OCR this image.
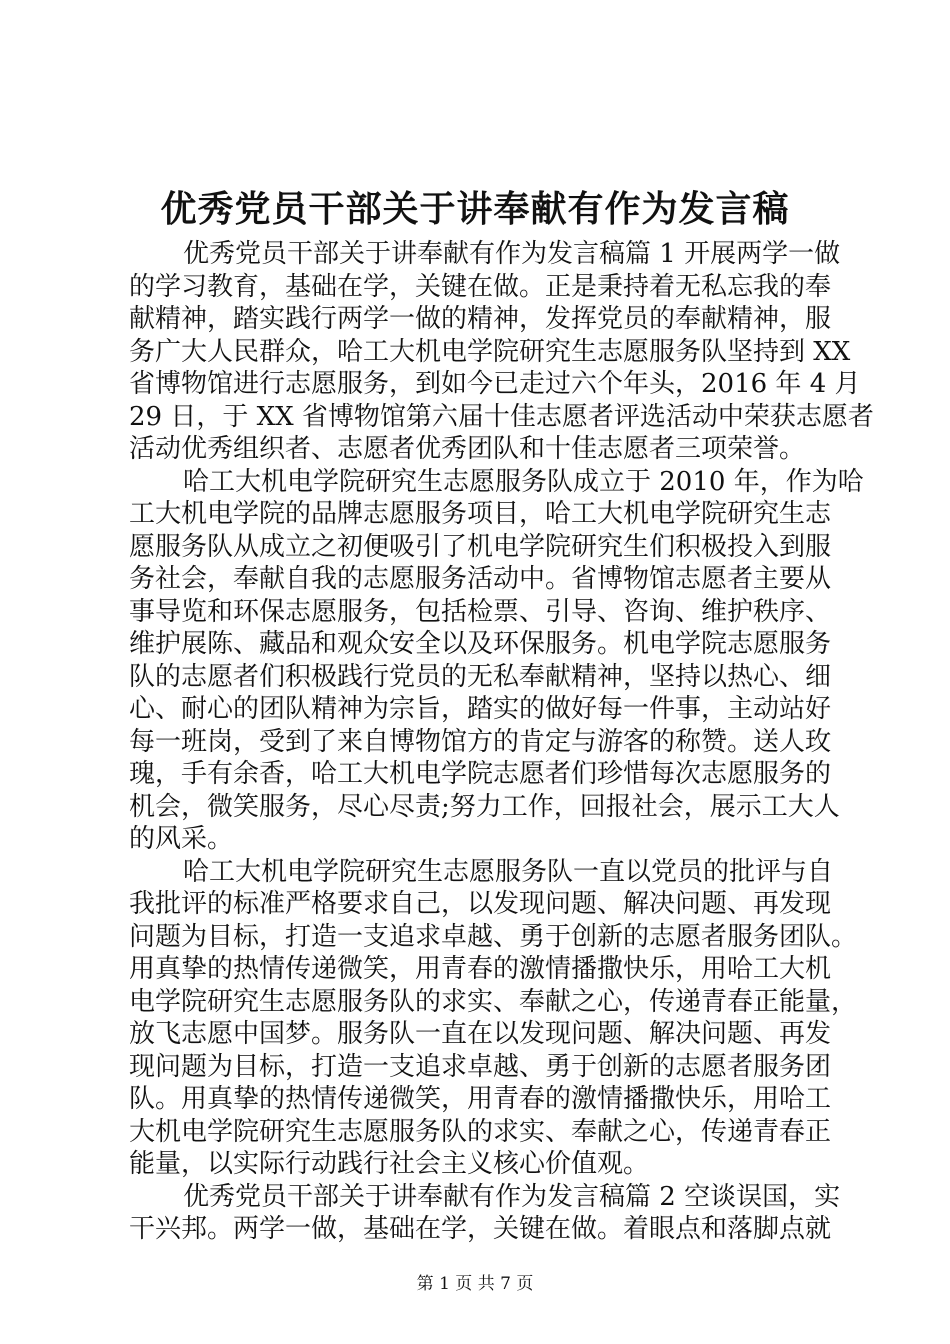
优秀党员干部关于讲奉献有作为发言稿
优秀党员干部关于讲奉献有作为发言稿篇 1 开展两学一做
的学习教育，基础在学，关键在做。正是秉持着无私忘我的奉
献精神，踏实践行两学一做的精神，发挥党员的奉献精神，服
务广大人民群众，哈工大机电学院研究生志愿服务队坚持到 XX
省博物馆进行志愿服务，到如今已走过六个年头，2016 年 4 月
29 日，于 XX 省博物馆第六届十佳志愿者评选活动中荣获志愿者
活动优秀组织者、志愿者优秀团队和十佳志愿者三项荣誉。
哈工大机电学院研究生志愿服务队成立于 2010 年，作为哈
工大机电学院的品牌志愿服务项目，哈工大机电学院研究生志
愿服务队从成立之初便吸引了机电学院研究生们积极投入到服
务社会，奉献自我的志愿服务活动中。省博物馆志愿者主要从
事导览和环保志愿服务，包括检票、引导、咨询、维护秩序、
维护展陈、藏品和观众安全以及环保服务。机电学院志愿服务
队的志愿者们积极践行党员的无私奉献精神，坚持以热心、细
心、耐心的团队精神为宗旨，踏实的做好每一件事，主动站好
每一班岗，受到了来自博物馆方的肯定与游客的称赞。送人玫
瑰，手有余香，哈工大机电学院志愿者们珍惜每次志愿服务的
机会，微笑服务，尽心尽责;努力工作，回报社会，展示工大人
的风采。
哈工大机电学院研究生志愿服务队一直以党员的批评与自
我批评的标准严格要求自己，以发现问题、解决问题、再发现
问题为目标，打造一支追求卓越、勇于创新的志愿者服务团队。
用真挚的热情传递微笑，用青春的激情播撒快乐，用哈工大机
电学院研究生志愿服务队的求实、奉献之心，传递青春正能量，
放飞志愿中国梦。服务队一直在以发现问题、解决问题、再发
现问题为目标，打造一支追求卓越、勇于创新的志愿者服务团
队。用真挚的热情传递微笑，用青春的激情播撒快乐，用哈工
大机电学院研究生志愿服务队的求实、奉献之心，传递青春正
能量，以实际行动践行社会主义核心价值观。
优秀党员干部关于讲奉献有作为发言稿篇 2 空谈误国，实
干兴邦。两学一做，基础在学，关键在做。着眼点和落脚点就
第 1 页 共 7 页
